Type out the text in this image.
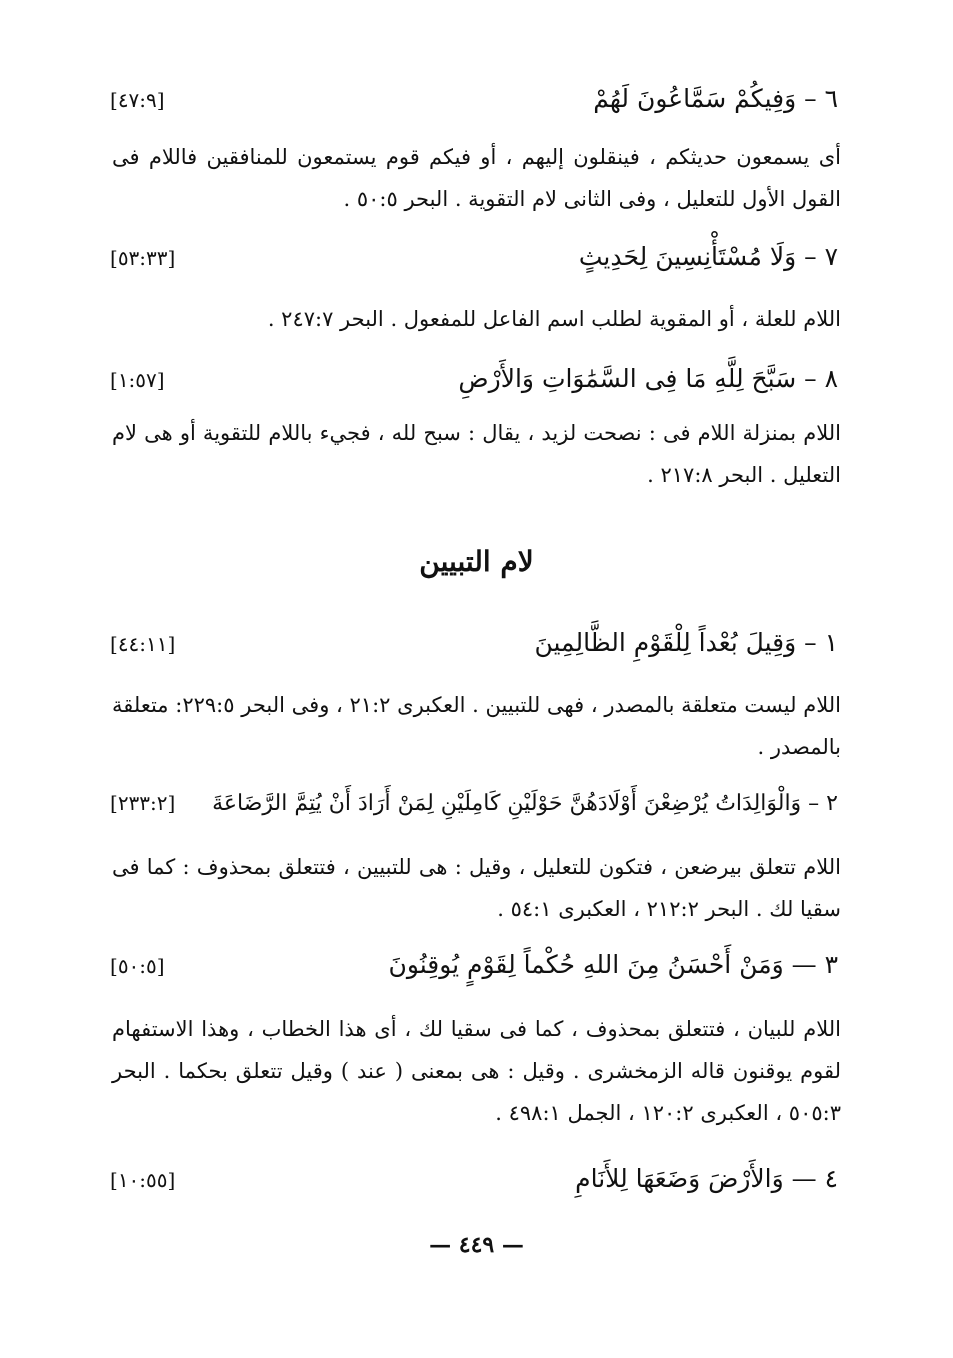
٦ – وَفِيكُمْ سَمَّاعُونَ لَهُمْ
[٤٧:٩]

أى يسمعون حديثكم ، فينقلون إليهم ، أو فيكم قوم يستمعون للمنافقين فاللام فى القول الأول للتعليل ، وفى الثانى لام التقوية . البحر ٥٠:٥ .

٧ – وَلَا مُسْتَأْنِسِينَ لِحَدِيثٍ
[٥٣:٣٣]

اللام للعلة ، أو المقوية لطلب اسم الفاعل للمفعول . البحر ٢٤٧:٧ .

٨ – سَبَّحَ لِلَّهِ مَا فِى السَّمَٰوَاتِ وَالأَرْضِ
[١:٥٧]

اللام بمنزلة اللام فى : نصحت لزيد ، يقال : سبح لله ، فجيء باللام للتقوية أو هى لام التعليل . البحر ٢١٧:٨ .

لام التبيين
١ – وَقِيلَ بُعْداً لِلْقَوْمِ الظَّالِمِينَ
[٤٤:١١]

اللام ليست متعلقة بالمصدر ، فهى للتبيين . العكبرى ٢١:٢ ، وفى البحر ٢٢٩:٥: متعلقة بالمصدر .

٢ – وَالْوَالِدَاتُ يُرْضِعْنَ أَوْلَادَهُنَّ حَوْلَيْنِ كَامِلَيْنِ لِمَنْ أَرَادَ أَنْ يُتِمَّ الرَّضَاعَةَ
[٢٣٣:٢]

اللام تتعلق بيرضعن ، فتكون للتعليل ، وقيل : هى للتبيين ، فتتعلق بمحذوف : كما فى سقيا لك . البحر ٢١٢:٢ ، العكبرى ٥٤:١ .

٣ — وَمَنْ أَحْسَنُ مِنَ اللهِ حُكْماً لِقَوْمٍ يُوقِنُونَ
[٥٠:٥]

اللام للبيان ، فتتعلق بمحذوف ، كما فى سقيا لك ، أى هذا الخطاب ، وهذا الاستفهام لقوم يوقنون قاله الزمخشرى . وقيل : هى بمعنى ( عند ) وقيل تتعلق بحكما . البحر ٥٠٥:٣ ، العكبرى ١٢٠:٢ ، الجمل ٤٩٨:١ .

٤ — وَالأَرْضَ وَضَعَهَا لِلأَنَامِ
[١٠:٥٥]
— ٤٤٩ —
